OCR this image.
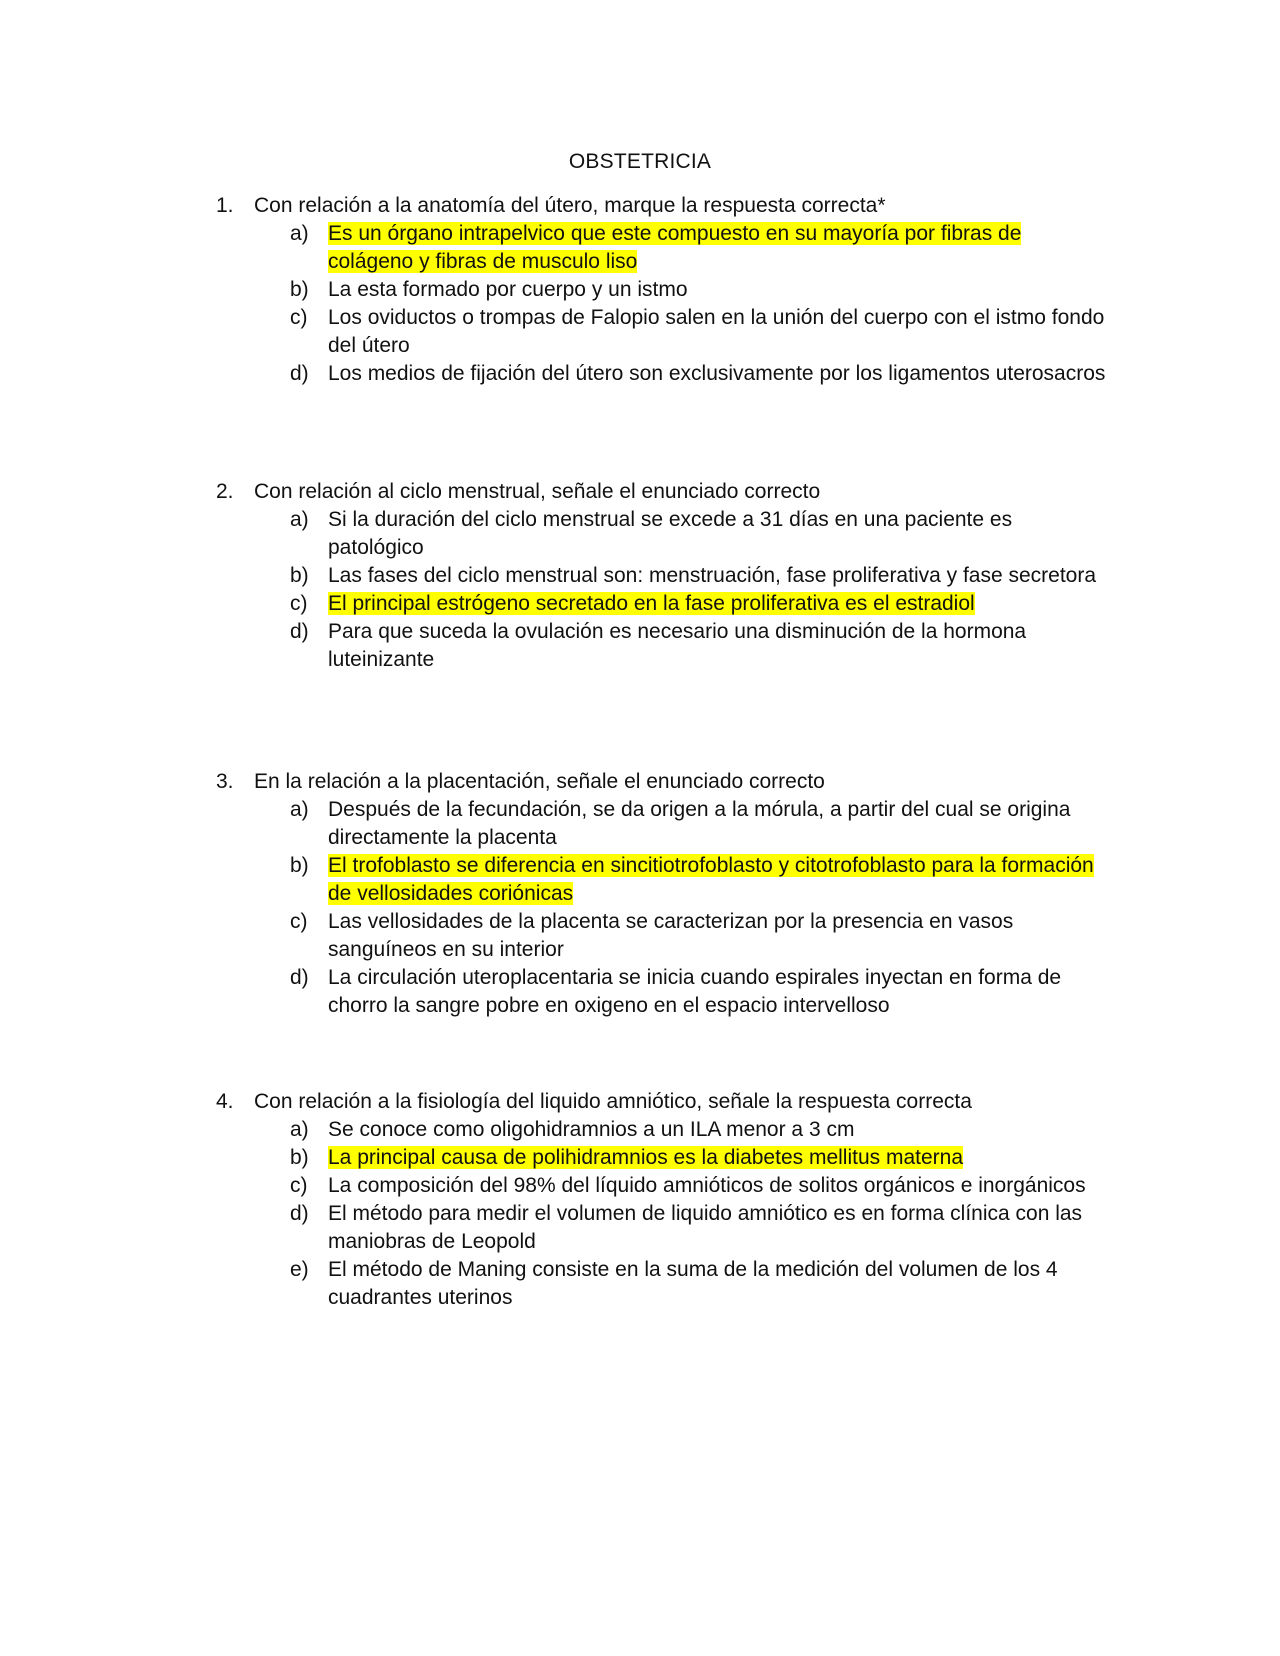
OBSTETRICIA
1. Con relación a la anatomía del útero, marque la respuesta correcta*
a) Es un órgano intrapelvico que este compuesto en su mayoría por fibras de colágeno y fibras de musculo liso
b) La esta formado por cuerpo y un istmo
c) Los oviductos o trompas de Falopio salen en la unión del cuerpo con el istmo fondo del útero
d) Los medios de fijación del útero son exclusivamente por los ligamentos uterosacros
2. Con relación al ciclo menstrual, señale el enunciado correcto
a) Si la duración del ciclo menstrual se excede a 31 días en una paciente es patológico
b) Las fases del ciclo menstrual son: menstruación, fase proliferativa y fase secretora
c) El principal estrógeno secretado en la fase proliferativa es el estradiol
d) Para que suceda la ovulación es necesario una disminución de la hormona luteinizante
3. En la relación a la placentación, señale el enunciado correcto
a) Después de la fecundación, se da origen a la mórula, a partir del cual se origina directamente la placenta
b) El trofoblasto se diferencia en sincitiotrofoblasto y citotrofoblasto para la formación de vellosidades coriónicas
c) Las vellosidades de la placenta se caracterizan por la presencia en vasos sanguíneos en su interior
d) La circulación uteroplacentaria se inicia cuando espirales inyectan en forma de chorro la sangre pobre en oxigeno en el espacio intervelloso
4. Con relación a la fisiología del liquido amniótico, señale la respuesta correcta
a) Se conoce como oligohidramnios a un ILA menor a 3 cm
b) La principal causa de polihidramnios es la diabetes mellitus materna
c) La composición del 98% del líquido amnióticos de solitos orgánicos e inorgánicos
d) El método para medir el volumen de liquido amniótico es en forma clínica con las maniobras de Leopold
e) El método de Maning consiste en la suma de la medición del volumen de los 4 cuadrantes uterinos
